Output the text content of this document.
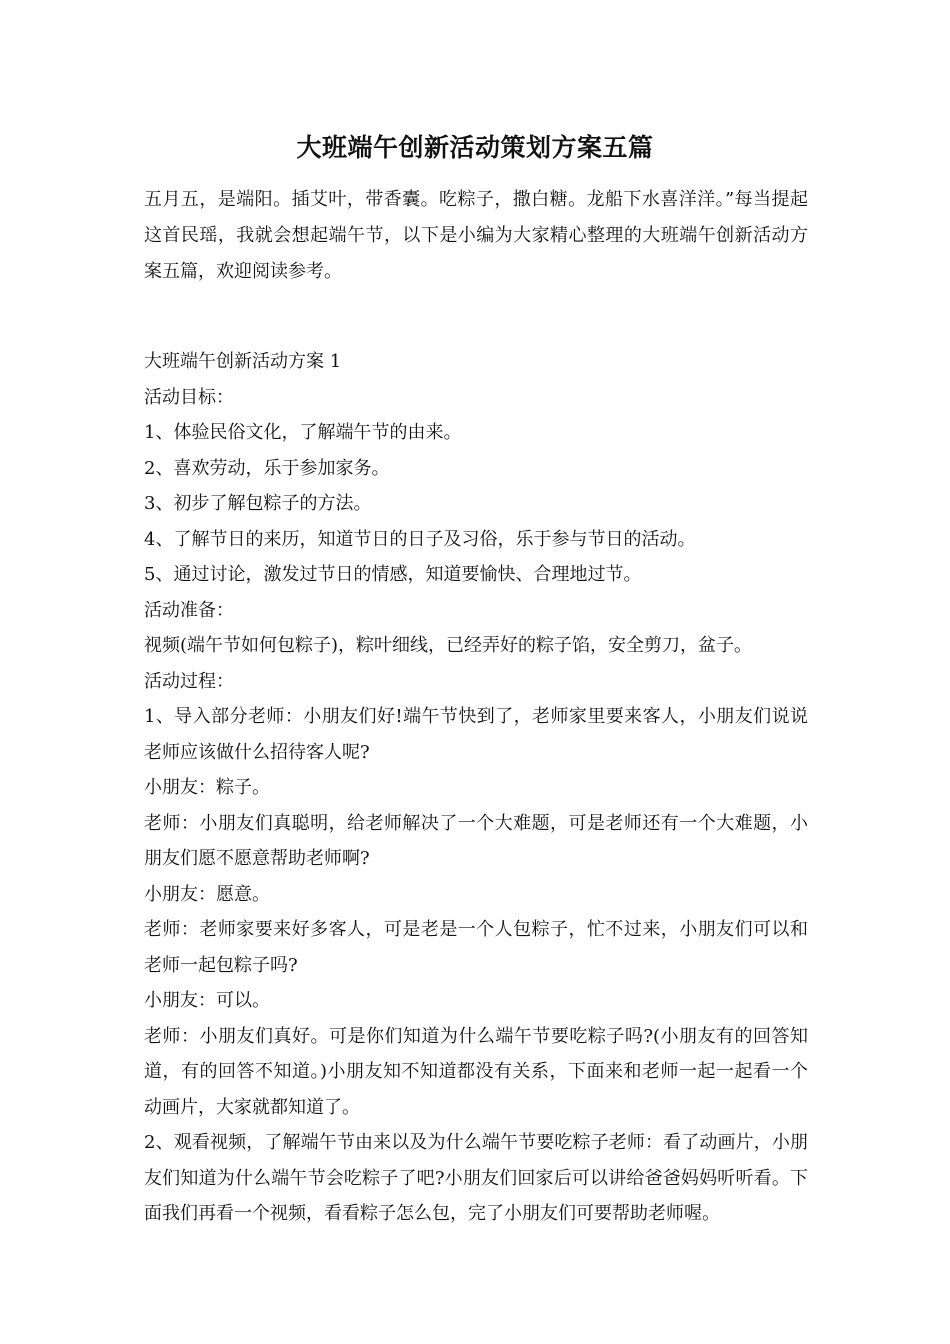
大班端午创新活动策划方案五篇

五月五，是端阳。插艾叶，带香囊。吃粽子，撒白糖。龙船下水喜洋洋。”每当提起这首民瑶，我就会想起端午节，以下是小编为大家精心整理的大班端午创新活动方案五篇，欢迎阅读参考。

大班端午创新活动方案 1

活动目标：

1、体验民俗文化，了解端午节的由来。

2、喜欢劳动，乐于参加家务。

3、初步了解包粽子的方法。

4、了解节日的来历，知道节日的日子及习俗，乐于参与节日的活动。

5、通过讨论，激发过节日的情感，知道要愉快、合理地过节。

活动准备：

视频(端午节如何包粽子)，粽叶细线，已经弄好的粽子馅，安全剪刀，盆子。

活动过程：

1、导入部分老师：小朋友们好!端午节快到了，老师家里要来客人，小朋友们说说老师应该做什么招待客人呢?

小朋友：粽子。

老师：小朋友们真聪明，给老师解决了一个大难题，可是老师还有一个大难题，小朋友们愿不愿意帮助老师啊?

小朋友：愿意。

老师：老师家要来好多客人，可是老是一个人包粽子，忙不过来，小朋友们可以和老师一起包粽子吗?

小朋友：可以。

老师：小朋友们真好。可是你们知道为什么端午节要吃粽子吗?(小朋友有的回答知道，有的回答不知道。)小朋友知不知道都没有关系，下面来和老师一起一起看一个动画片，大家就都知道了。

2、观看视频，了解端午节由来以及为什么端午节要吃粽子老师：看了动画片，小朋友们知道为什么端午节会吃粽子了吧?小朋友们回家后可以讲给爸爸妈妈听听看。下面我们再看一个视频，看看粽子怎么包，完了小朋友们可要帮助老师喔。
